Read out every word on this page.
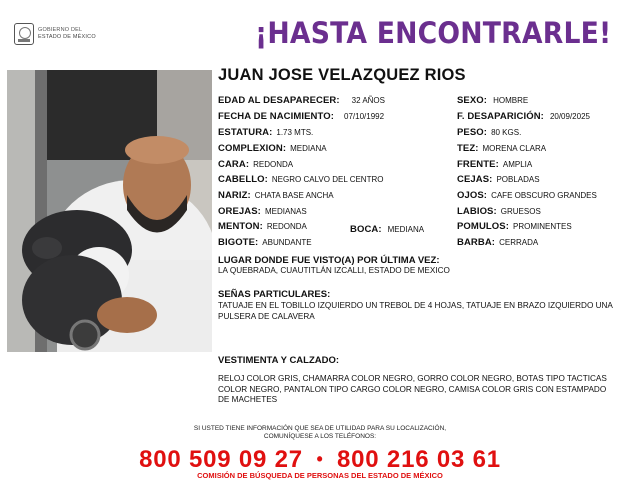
GOBIERNO DEL
ESTADO DE MÉXICO	¡HASTA ENCONTRARLE!
JUAN JOSE VELAZQUEZ RIOS
EDAD AL DESAPARECER: 32 AÑOS
FECHA DE NACIMIENTO: 07/10/1992
ESTATURA: 1.73 MTS.
COMPLEXION: MEDIANA
CARA: REDONDA
CABELLO: NEGRO CALVO DEL CENTRO
NARIZ: CHATA BASE ANCHA
OREJAS: MEDIANAS
MENTON: REDONDA
BIGOTE: ABUNDANTE
BOCA: MEDIANA
SEXO: HOMBRE
F. DESAPARICIÓN: 20/09/2025
PESO: 80 KGS.
TEZ: MORENA CLARA
FRENTE: AMPLIA
CEJAS: POBLADAS
OJOS: CAFE OBSCURO GRANDES
LABIOS: GRUESOS
POMULOS: PROMINENTES
BARBA: CERRADA
LUGAR DONDE FUE VISTO(A) POR ÚLTIMA VEZ:
LA QUEBRADA, CUAUTITLÁN IZCALLI, ESTADO DE MEXICO
SEÑAS PARTICULARES:
TATUAJE EN EL TOBILLO IZQUIERDO UN TREBOL DE 4 HOJAS, TATUAJE EN BRAZO IZQUIERDO UNA PULSERA DE CALAVERA
VESTIMENTA Y CALZADO:
RELOJ COLOR GRIS, CHAMARRA COLOR NEGRO, GORRO COLOR NEGRO, BOTAS TIPO TACTICAS COLOR NEGRO, PANTALON TIPO CARGO COLOR NEGRO, CAMISA COLOR GRIS CON ESTAMPADO DE MACHETES
SI USTED TIENE INFORMACIÓN QUE SEA DE UTILIDAD PARA SU LOCALIZACIÓN,
COMUNÍQUESE A LOS TELÉFONOS:
800 509 09 27 • 800 216 03 61
COMISIÓN DE BÚSQUEDA DE PERSONAS DEL ESTADO DE MÉXICO
